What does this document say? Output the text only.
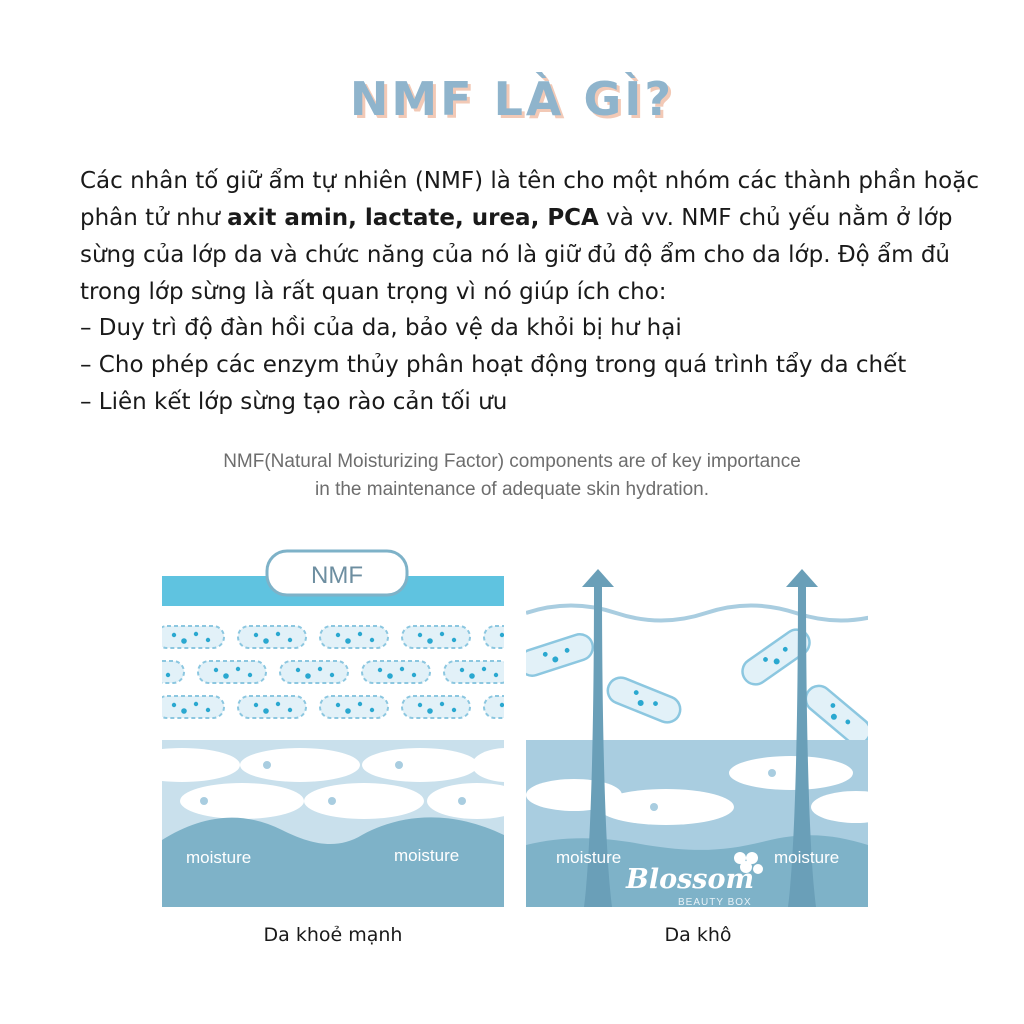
NMF LÀ GÌ?

Các nhân tố giữ ẩm tự nhiên (NMF) là tên cho một nhóm các thành phần hoặc phân tử như axit amin, lactate, urea, PCA và vv. NMF chủ yếu nằm ở lớp sừng của lớp da và chức năng của nó là giữ đủ độ ẩm cho da lớp. Độ ẩm đủ trong lớp sừng là rất quan trọng vì nó giúp ích cho:

– Duy trì độ đàn hồi của da, bảo vệ da khỏi bị hư hại
– Cho phép các enzym thủy phân hoạt động trong quá trình tẩy da chết
– Liên kết lớp sừng tạo rào cản tối ưu
NMF(Natural Moisturizing Factor) components are of key importance
in the maintenance of adequate skin hydration.
NMF
moisture	moisture	moisture	moisture
Blossom
BEAUTY BOX
Da khoẻ mạnh	Da khô
